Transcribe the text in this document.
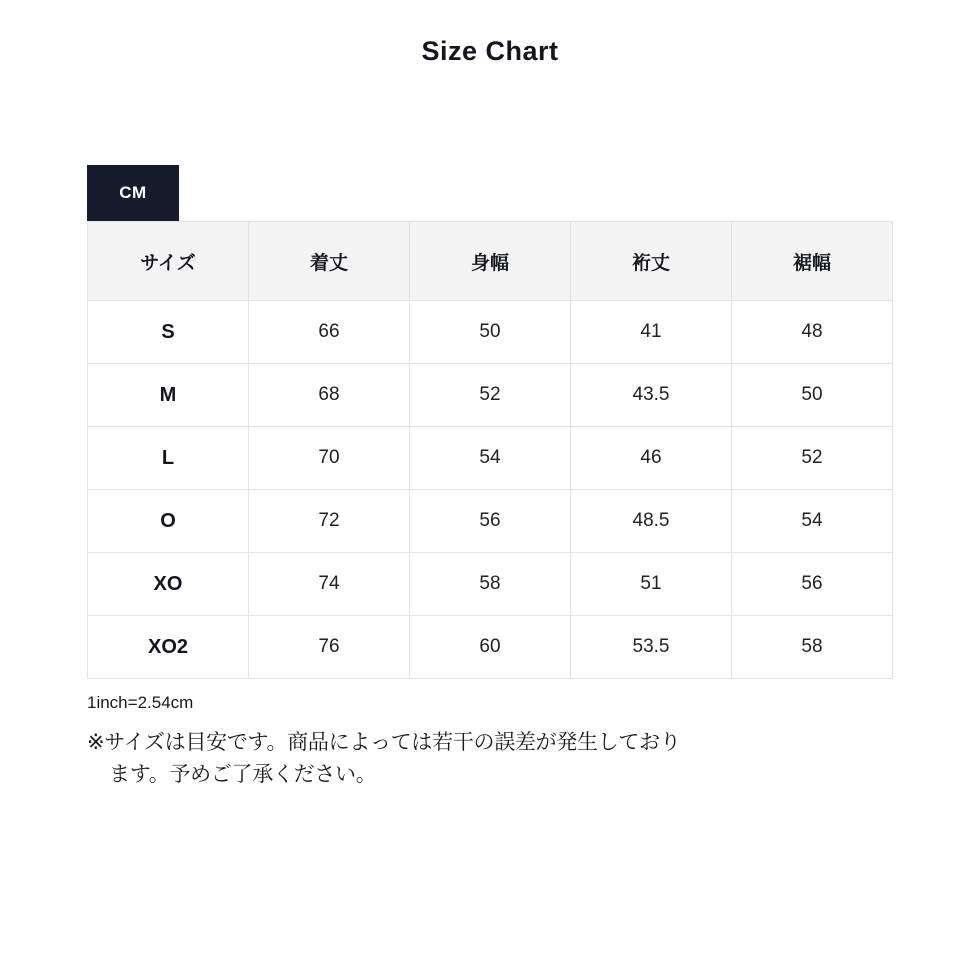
Size Chart
CM
サイズ	着丈	身幅	裄丈	裾幅
S	66	50	41	48
M	68	52	43.5	50
L	70	54	46	52
O	72	56	48.5	54
XO	74	58	51	56
XO2	76	60	53.5	58
1inch=2.54cm
※サイズは目安です。商品によっては若干の誤差が発生しており
ます。予めご了承ください。
